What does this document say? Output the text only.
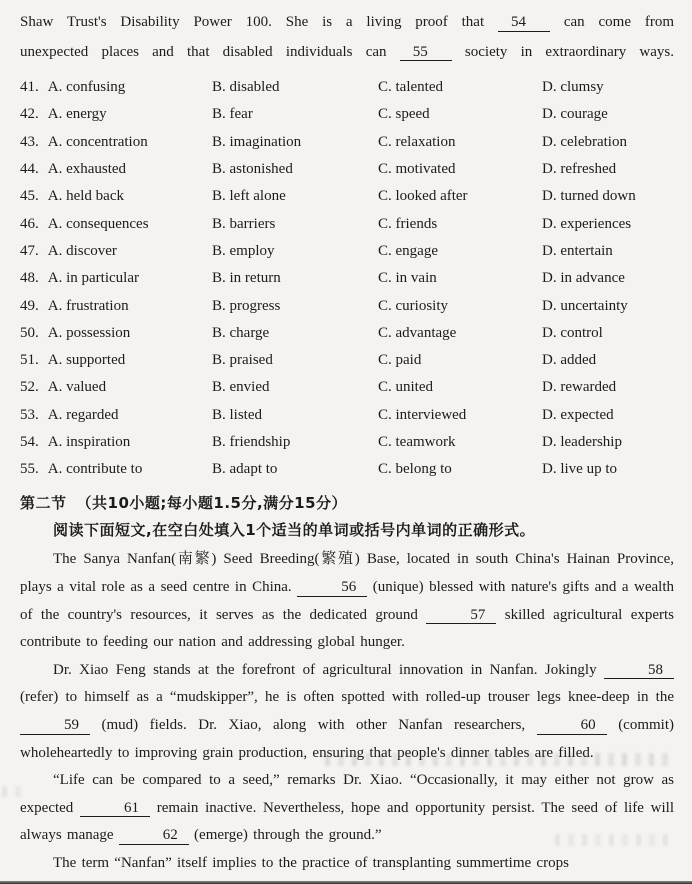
Shaw Trust's Disability Power 100. She is a living proof that 54	can come from
unexpected places and that disabled individuals can 55 society in extraordinary ways.
41. A. confusing	B. disabled	C. talented	D. clumsy
42. A. energy	B. fear	C. speed	D. courage
43. A. concentration	B. imagination	C. relaxation	D. celebration
44. A. exhausted	B. astonished	C. motivated	D. refreshed
45. A. held back	B. left alone	C. looked after	D. turned down
46. A. consequences	B. barriers	C. friends	D. experiences
47. A. discover	B. employ	C. engage	D. entertain
48. A. in particular	B. in return	C. in vain	D. in advance
49. A. frustration	B. progress	C. curiosity	D. uncertainty
50. A. possession	B. charge	C. advantage	D. control
51. A. supported	B. praised	C. paid	D. added
52. A. valued	B. envied	C. united	D. rewarded
53. A. regarded	B. listed	C. interviewed	D. expected
54. A. inspiration	B. friendship	C. teamwork	D. leadership
55. A. contribute to	B. adapt to	C. belong to	D. live up to
第二节 （共10小题;每小题1.5分,满分15分）
阅读下面短文,在空白处填入1个适当的单词或括号内单词的正确形式。

The Sanya Nanfan(南繁) Seed Breeding(繁殖) Base, located in south China's Hainan Province, plays a vital role as a seed centre in China.	56 (unique) blessed with nature's gifts and a wealth of the country's resources, it serves as the dedicated ground	57 skilled agricultural experts contribute to feeding our nation and addressing global hunger.

Dr. Xiao Feng stands at the forefront of agricultural innovation in Nanfan. Jokingly	58 (refer) to himself as a “mudskipper”, he is often spotted with rolled-up trouser legs knee-deep in the 59 (mud) fields. Dr. Xiao, along with other Nanfan researchers,	60 (commit) wholeheartedly to improving grain production, ensuring that people's dinner tables are filled.

“Life can be compared to a seed,” remarks Dr. Xiao. “Occasionally, it may either not grow as expected	61 remain inactive. Nevertheless, hope and opportunity persist. The seed of life will always manage	62 (emerge) through the ground.”

The term “Nanfan” itself implies to the practice of transplanting summertime crops
